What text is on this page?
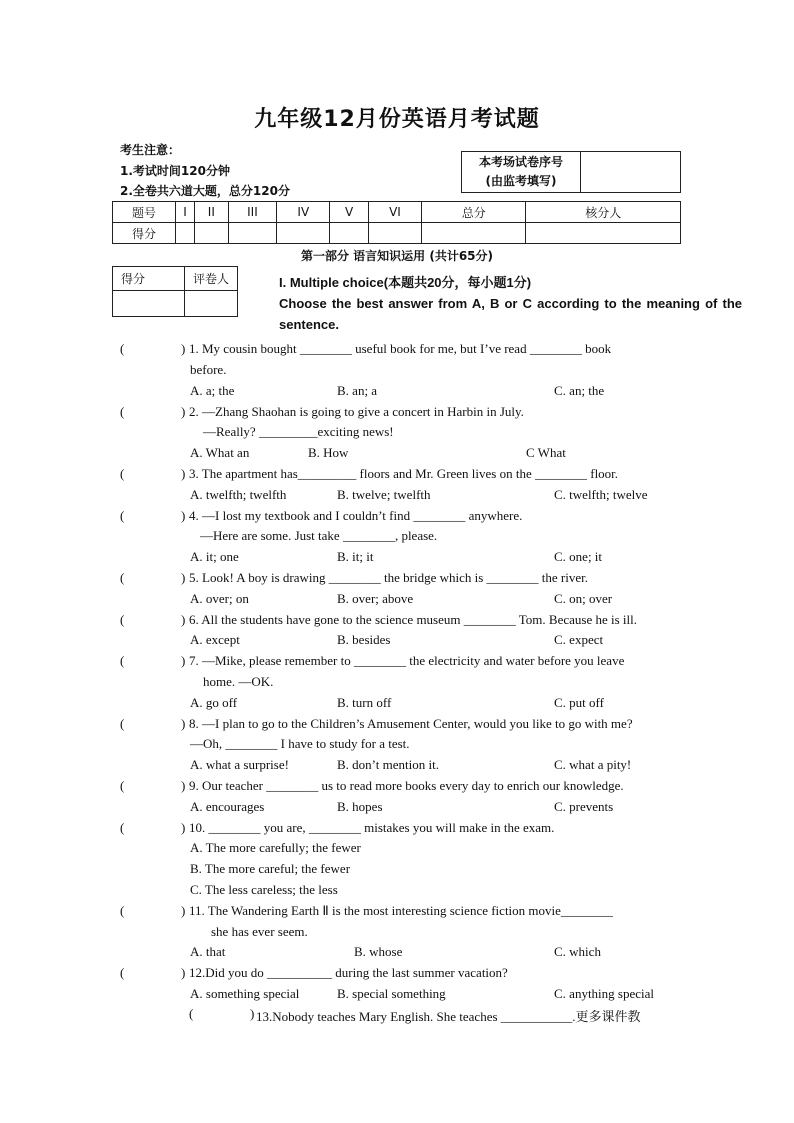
九年级12月份英语月考试题
考生注意：
1.考试时间120分钟
2.全卷共六道大题，总分120分
本考场试卷序号
(由监考填写)

题号	I	II	III	IV	V	VI	总分	核分人
得分								
第一部分 语言知识运用 (共计65分)
得分	评卷人
		I. Multiple choice(本题共20分，每小题1分)
Choose the best answer from A, B or C according to the meaning of the sentence.
(	) 1. My cousin bought ________ useful book for me, but I’ve read ________ book
before.
A. a; the	B. an; a	C. an; the
(	) 2. —Zhang Shaohan is going to give a concert in Harbin in July.
—Really? _________exciting news!
A. What an	B. How	C What
(	) 3. The apartment has_________ floors and Mr. Green lives on the ________ floor.
A. twelfth; twelfth	B. twelve; twelfth	C. twelfth; twelve
(	) 4. —I lost my textbook and I couldn’t find ________ anywhere.
—Here are some. Just take ________, please.
A. it; one	B. it; it	C. one; it
(	) 5. Look! A boy is drawing ________ the bridge which is ________ the river.
A. over; on	B. over; above	C. on; over
(	) 6. All the students have gone to the science museum ________ Tom. Because he is ill.
A. except	B. besides	C. expect
(	) 7. —Mike, please remember to ________ the electricity and water before you leave
home. —OK.
A. go off	B. turn off	C. put off
(	) 8. —I plan to go to the Children’s Amusement Center, would you like to go with me?
—Oh, ________ I have to study for a test.
A. what a surprise!	B. don’t mention it.	C. what a pity!
(	) 9. Our teacher ________ us to read more books every day to enrich our knowledge.
A. encourages	B. hopes	C. prevents
(	) 10. ________ you are, ________ mistakes you will make in the exam.
A. The more carefully; the fewer
B. The more careful; the fewer
C. The less careless; the less
(	) 11. The Wandering Earth Ⅱ is the most interesting science fiction movie________
she has ever seem.
A. that	B. whose	C. which
(	) 12.Did you do __________ during the last summer vacation?
A. something special	B. special something	C. anything special
(	) 13.Nobody teaches Mary English. She teaches ___________.更多课件教
